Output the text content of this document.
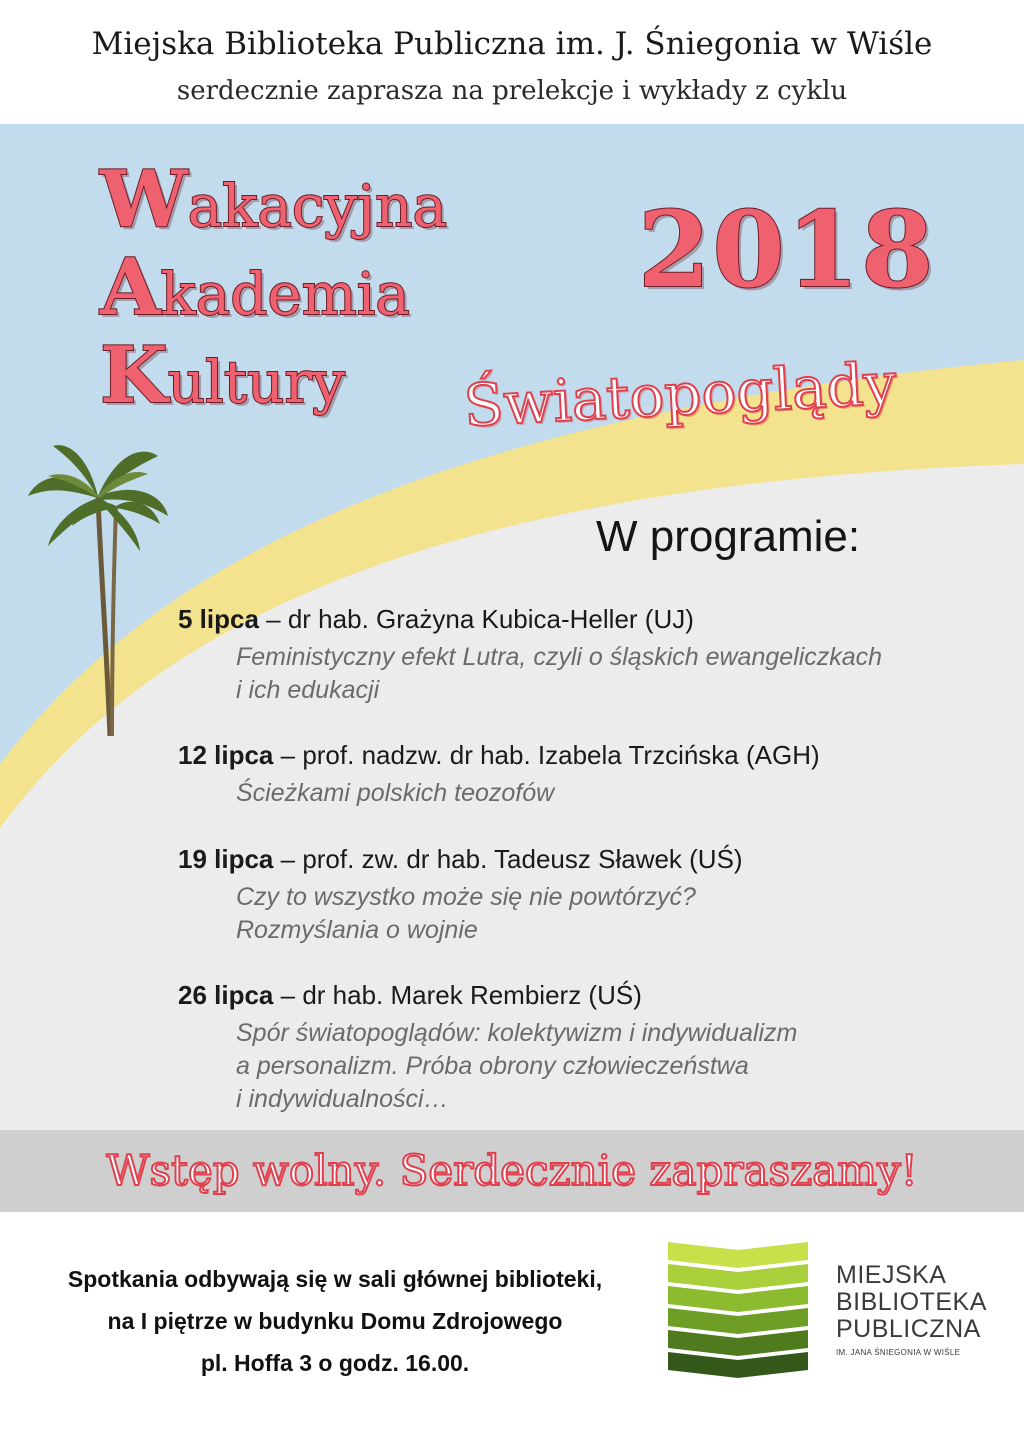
Miejska Biblioteka Publiczna im. J. Śniegonia w Wiśle
serdecznie zaprasza na prelekcje i wykłady z cyklu
Wakacyjna
Akademia
Kultury
2018
Światopoglądy
W programie:
5 lipca – dr hab. Grażyna Kubica-Heller (UJ)
Feministyczny efekt Lutra, czyli o śląskich ewangeliczkach
i ich edukacji
12 lipca – prof. nadzw. dr hab. Izabela Trzcińska (AGH)
Ścieżkami polskich teozofów
19 lipca – prof. zw. dr hab. Tadeusz Sławek (UŚ)
Czy to wszystko może się nie powtórzyć?
Rozmyślania o wojnie
26 lipca – dr hab. Marek Rembierz (UŚ)
Spór światopoglądów: kolektywizm i indywidualizm
a personalizm. Próba obrony człowieczeństwa
i indywidualności…
Wstęp wolny. Serdecznie zapraszamy!
Spotkania odbywają się w sali głównej biblioteki,
na I piętrze w budynku Domu Zdrojowego
pl. Hoffa 3 o godz. 16.00.
MIEJSKA
BIBLIOTEKA
PUBLICZNA
IM. JANA ŚNIEGONIA W WIŚLE
